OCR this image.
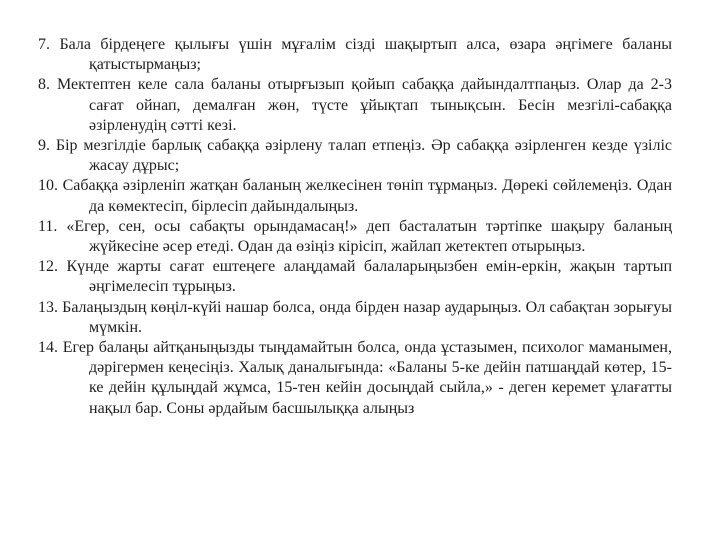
7. Бала бірдеңеге қылығы үшін мұғалім сізді шақыртып алса, өзара әңгімеге баланы қатыстырмаңыз;
8. Мектептен келе сала баланы отырғызып қойып сабаққа дайындалтпаңыз. Олар да 2-3 сағат ойнап, демалған жөн, түсте ұйықтап тынықсын. Бесін мезгілі-сабаққа әзірленудің сәтті кезі.
9. Бір мезгілдіе барлық сабаққа әзірлену талап етпеңіз. Әр сабаққа әзірленген кезде үзіліс жасау дұрыс;
10. Сабаққа әзірленіп жатқан баланың желкесінен төніп тұрмаңыз. Дөрекі сөйлемеңіз. Одан да көмектесіп, бірлесіп дайындалыңыз.
11. «Егер, сен, осы сабақты орындамасаң!» деп басталатын тәртіпке шақыру баланың жүйкесіне әсер етеді. Одан да өзіңіз кірісіп, жайлап жетектеп отырыңыз.
12. Күнде жарты сағат ештеңеге алаңдамай балаларыңызбен емін-еркін, жақын тартып әңгімелесіп тұрыңыз.
13. Балаңыздың көңіл-күйі нашар болса, онда бірден назар аударыңыз. Ол сабақтан зорығуы мүмкін.
14. Егер балаңы айтқаныңызды тыңдамайтын болса, онда ұстазымен, психолог маманымен, дәрігермен кеңесіңіз. Халық даналығында: «Баланы 5-ке дейін патшаңдай көтер, 15-ке дейін құлыңдай жұмса, 15-тен кейін досыңдай сыйла,» - деген керемет ұлағатты нақыл бар. Соны әрдайым басшылыққа алыңыз
